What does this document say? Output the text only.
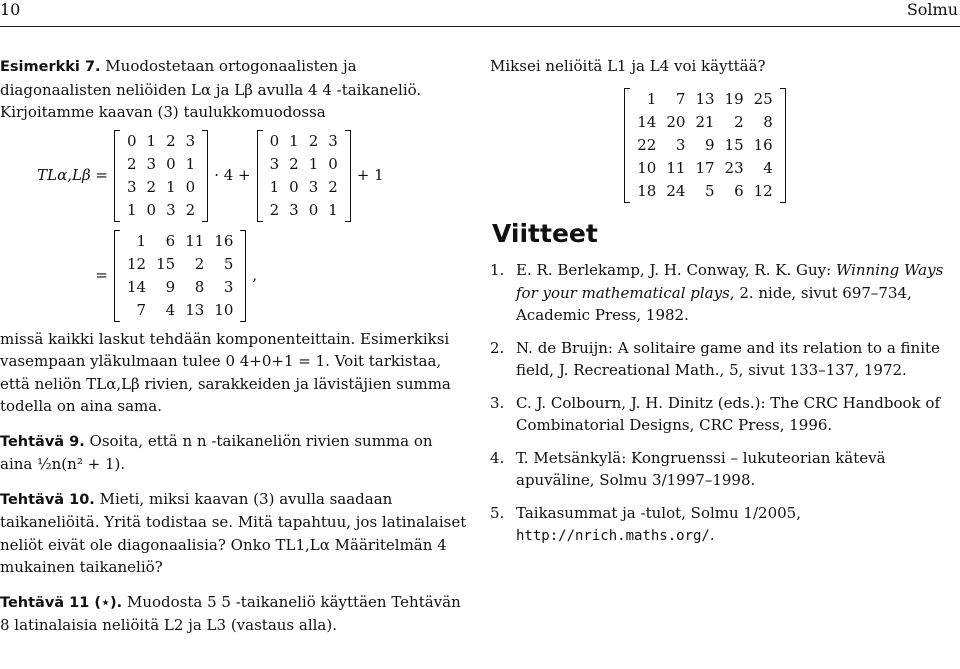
10	Solmu

Esimerkki 7. Muodostetaan ortogonaalisten ja diagonaalisten neliöiden Lα ja Lβ avulla 4 4 -taikaneliö. Kirjoitamme kaavan (3) taulukkomuodossa

TLα,Lβ =
0 1 2 3
2 3 0 1
3 2 1 0
1 0 3 2
· 4 +
0 1 2 3
3 2 1 0
1 0 3 2
2 3 0 1
+ 1
=
1	6 11 16
12 15	2	5
14	9	8	3
7	4 13 10
,

missä kaikki laskut tehdään komponenteittain. Esimerkiksi vasempaan yläkulmaan tulee 0 4+0+1 = 1. Voit tarkistaa, että neliön TLα,Lβ rivien, sarakkeiden ja lävistäjien summa todella on aina sama.

Tehtävä 9. Osoita, että n n -taikaneliön rivien summa on aina ½n(n² + 1).

Tehtävä 10. Mieti, miksi kaavan (3) avulla saadaan taikaneliöitä. Yritä todistaa se. Mitä tapahtuu, jos latinalaiset neliöt eivät ole diagonaalisia? Onko TL1,Lα Määritelmän 4 mukainen taikaneliö?

Tehtävä 11 (⋆). Muodosta 5 5 -taikaneliö käyttäen Tehtävän 8 latinalaisia neliöitä L2 ja L3 (vastaus alla).

Miksei neliöitä L1 ja L4 voi käyttää?

1	7 13 19 25
14 20 21	2	8
22	3	9 15 16
10 11 17 23	4
18 24	5	6 12
Viitteet
1. E. R. Berlekamp, J. H. Conway, R. K. Guy: Winning Ways for your mathematical plays, 2. nide, sivut 697–734, Academic Press, 1982.
2. N. de Bruijn: A solitaire game and its relation to a finite field, J. Recreational Math., 5, sivut 133–137, 1972.
3. C. J. Colbourn, J. H. Dinitz (eds.): The CRC Handbook of Combinatorial Designs, CRC Press, 1996.
4. T. Metsänkylä: Kongruenssi – lukuteorian kätevä apuväline, Solmu 3/1997–1998.
5. Taikasummat ja -tulot, Solmu 1/2005, http://nrich.maths.org/.
